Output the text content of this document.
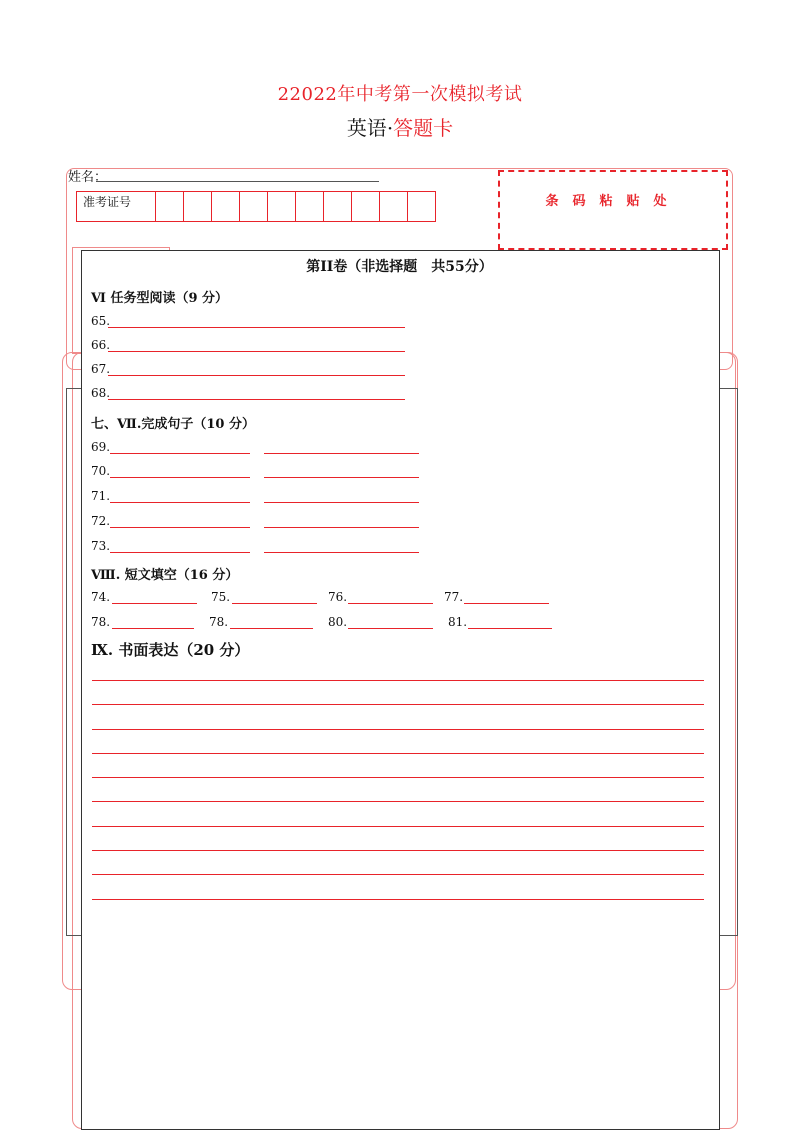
22022年中考第一次模拟考试
英语·答题卡
姓名：
准考证号	条码粘贴处
第II卷（非选择题　共55分）
Ⅵ 任务型阅读（9 分）
65.
66.
67.
68.
七、Ⅶ.完成句子（10 分）
69.
70.
71.
72.
73.
Ⅷ. 短文填空（16 分）
74.	75.	76.	77.
78.	78.	80.	81.
Ⅸ. 书面表达（20 分）
